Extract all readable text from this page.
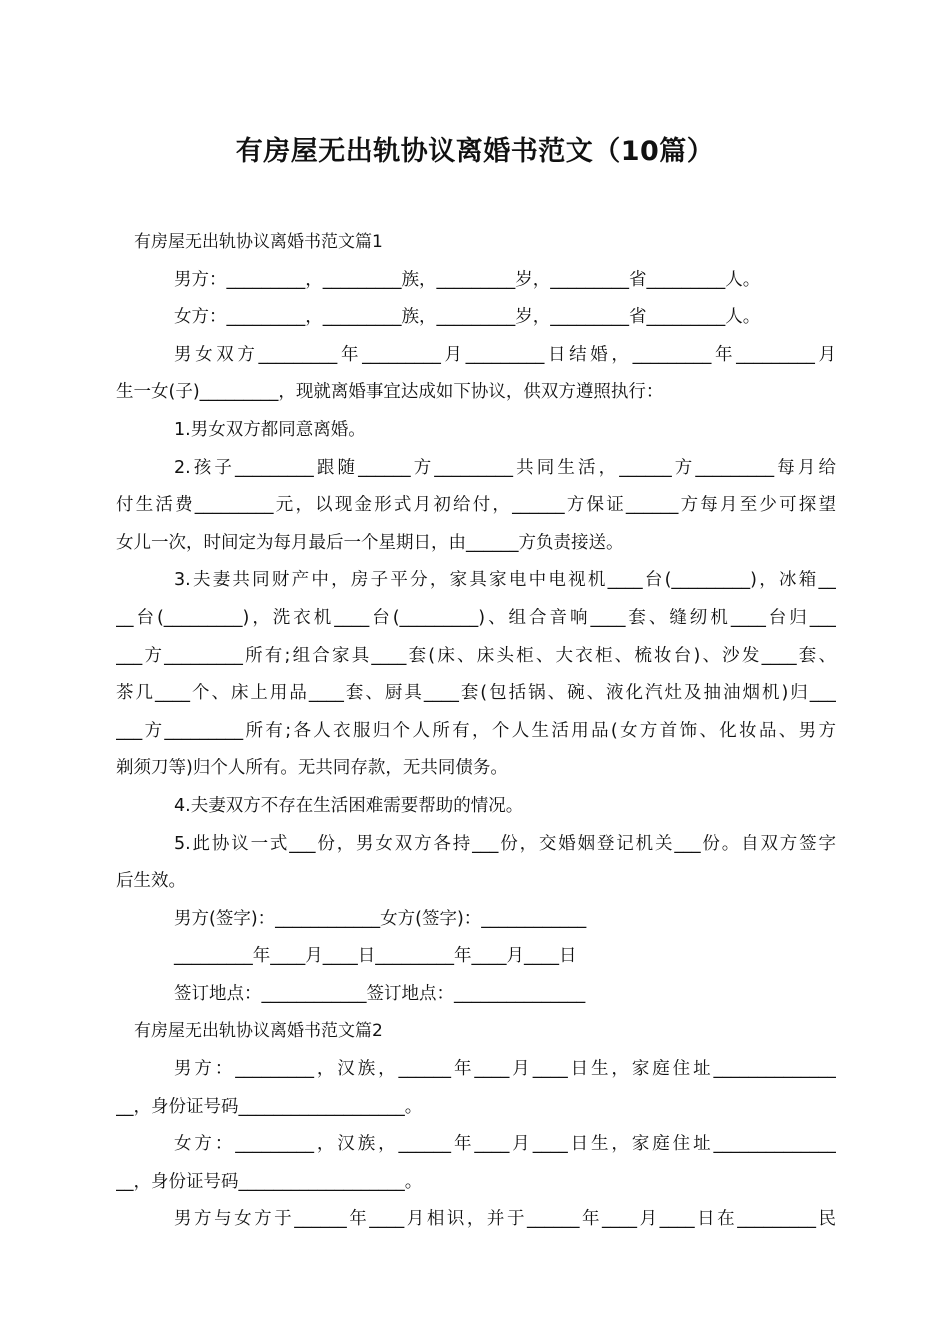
有房屋无出轨协议离婚书范文（10篇）
有房屋无出轨协议离婚书范文篇1
男方：_________，_________族，_________岁，_________省_________人。
女方：_________，_________族，_________岁，_________省_________人。
男女双方_________年_________月_________日结婚，_________年_________月
生一女(子)_________，现就离婚事宜达成如下协议，供双方遵照执行：
1.男女双方都同意离婚。
2.孩子_________跟随______方_________共同生活，______方_________每月给
付生活费_________元，以现金形式月初给付，______方保证______方每月至少可探望
女儿一次，时间定为每月最后一个星期日，由______方负责接送。
3.夫妻共同财产中，房子平分，家具家电中电视机____台(_________)，冰箱__
__台(_________)，洗衣机____台(_________)、组合音响____套、缝纫机____台归___
___方_________所有;组合家具____套(床、床头柜、大衣柜、梳妆台)、沙发____套、
茶几____个、床上用品____套、厨具____套(包括锅、碗、液化汽灶及抽油烟机)归___
___方_________所有;各人衣服归个人所有，个人生活用品(女方首饰、化妆品、男方
剃须刀等)归个人所有。无共同存款，无共同债务。
4.夫妻双方不存在生活困难需要帮助的情况。
5.此协议一式___份，男女双方各持___份，交婚姻登记机关___份。自双方签字
后生效。
男方(签字)：____________女方(签字)：____________
_________年____月____日_________年____月____日
签订地点：____________签订地点：_______________
有房屋无出轨协议离婚书范文篇2
男方：_________，汉族，______年____月____日生，家庭住址______________
__，身份证号码___________________。
女方：_________，汉族，______年____月____日生，家庭住址______________
__，身份证号码___________________。
男方与女方于______年____月相识，并于______年____月____日在_________民
